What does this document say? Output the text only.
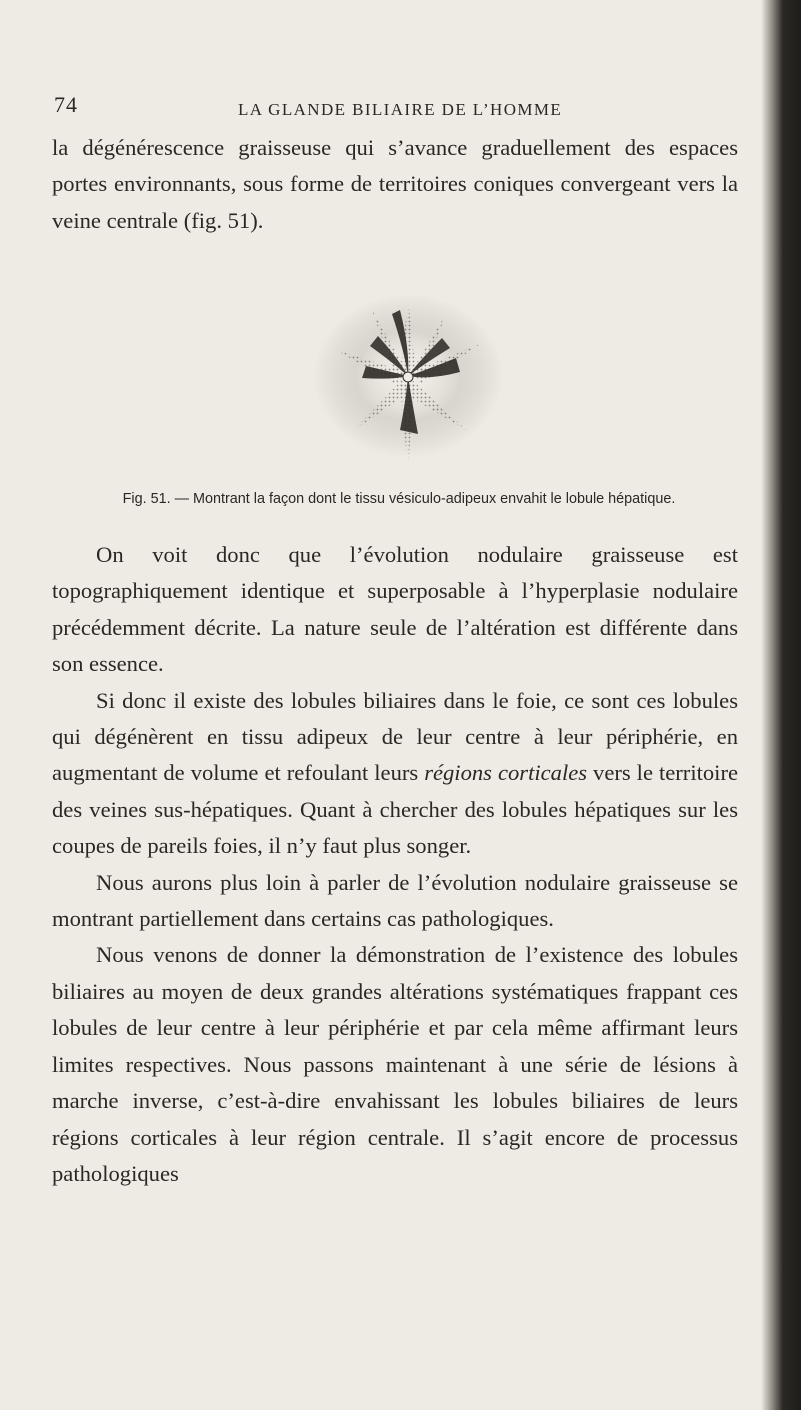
74	LA GLANDE BILIAIRE DE L’HOMME

la dégénérescence graisseuse qui s’avance graduellement des espaces portes environnants, sous forme de territoires coniques convergeant vers la veine centrale (fig. 51).

Fig. 51. — Montrant la façon dont le tissu vésiculo-adipeux envahit le lobule hépatique.

On voit donc que l’évolution nodulaire graisseuse est topographiquement identique et superposable à l’hyperplasie nodulaire précédemment décrite. La nature seule de l’altération est différente dans son essence.

Si donc il existe des lobules biliaires dans le foie, ce sont ces lobules qui dégénèrent en tissu adipeux de leur centre à leur périphérie, en augmentant de volume et refoulant leurs régions corticales vers le territoire des veines sus-hépatiques. Quant à chercher des lobules hépatiques sur les coupes de pareils foies, il n’y faut plus songer.

Nous aurons plus loin à parler de l’évolution nodulaire graisseuse se montrant partiellement dans certains cas pathologiques.

Nous venons de donner la démonstration de l’existence des lobules biliaires au moyen de deux grandes altérations systématiques frappant ces lobules de leur centre à leur périphérie et par cela même affirmant leurs limites respectives. Nous passons maintenant à une série de lésions à marche inverse, c’est-à-dire envahissant les lobules biliaires de leurs régions corticales à leur région centrale. Il s’agit encore de processus pathologiques
